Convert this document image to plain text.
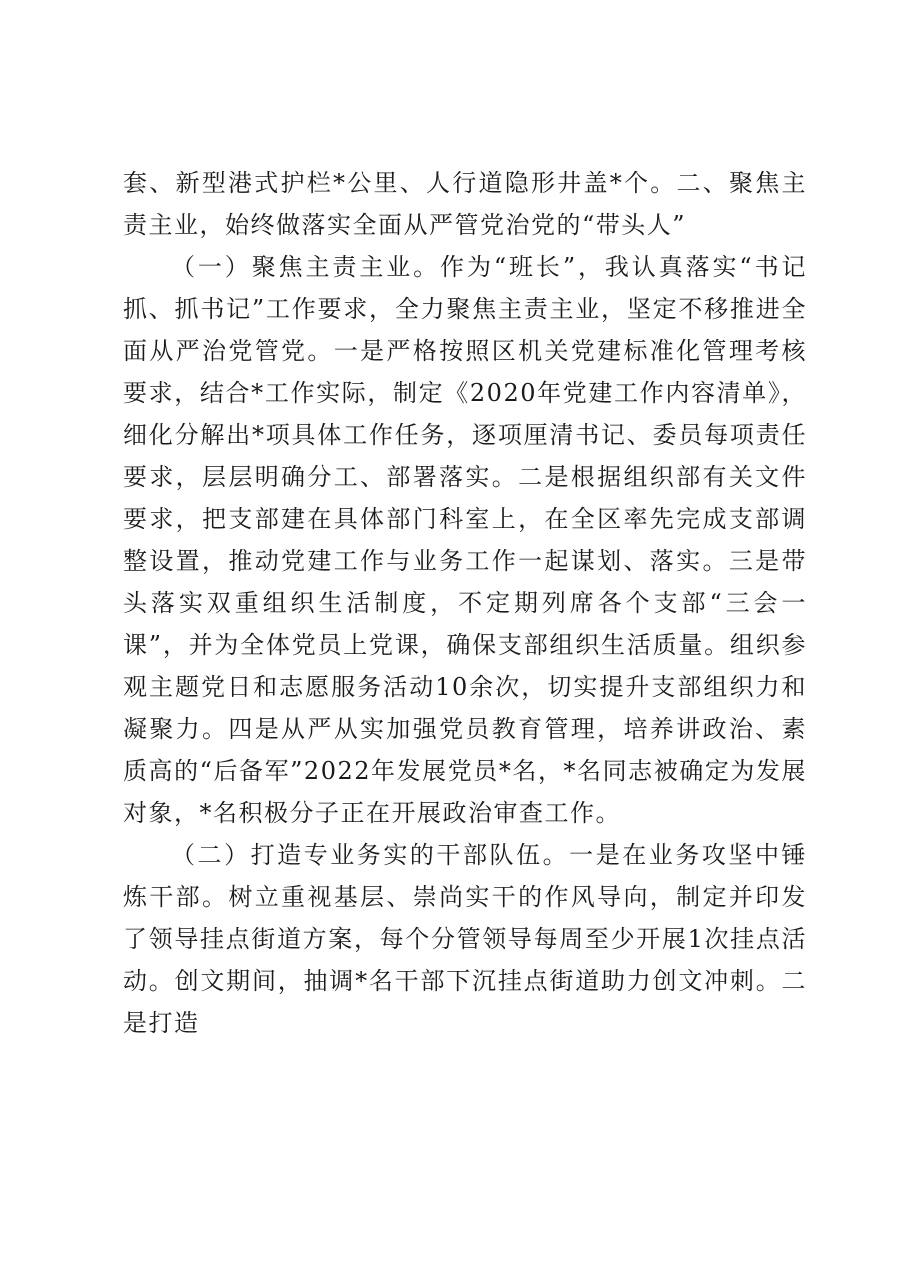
套、新型港式护栏*公里、人行道隐形井盖*个。二、聚焦主责主业，始终做落实全面从严管党治党的“带头人”

（一）聚焦主责主业。作为“班长”，我认真落实“书记抓、抓书记”工作要求，全力聚焦主责主业，坚定不移推进全面从严治党管党。一是严格按照区机关党建标准化管理考核要求，结合*工作实际，制定《2020年党建工作内容清单》，细化分解出*项具体工作任务，逐项厘清书记、委员每项责任要求，层层明确分工、部署落实。二是根据组织部有关文件要求，把支部建在具体部门科室上，在全区率先完成支部调整设置，推动党建工作与业务工作一起谋划、落实。三是带头落实双重组织生活制度，不定期列席各个支部“三会一课”，并为全体党员上党课，确保支部组织生活质量。组织参观主题党日和志愿服务活动10余次，切实提升支部组织力和凝聚力。四是从严从实加强党员教育管理，培养讲政治、素质高的“后备军”2022年发展党员*名，*名同志被确定为发展对象，*名积极分子正在开展政治审查工作。

（二）打造专业务实的干部队伍。一是在业务攻坚中锤炼干部。树立重视基层、崇尚实干的作风导向，制定并印发了领导挂点街道方案，每个分管领导每周至少开展1次挂点活动。创文期间，抽调*名干部下沉挂点街道助力创文冲刺。二是打造
